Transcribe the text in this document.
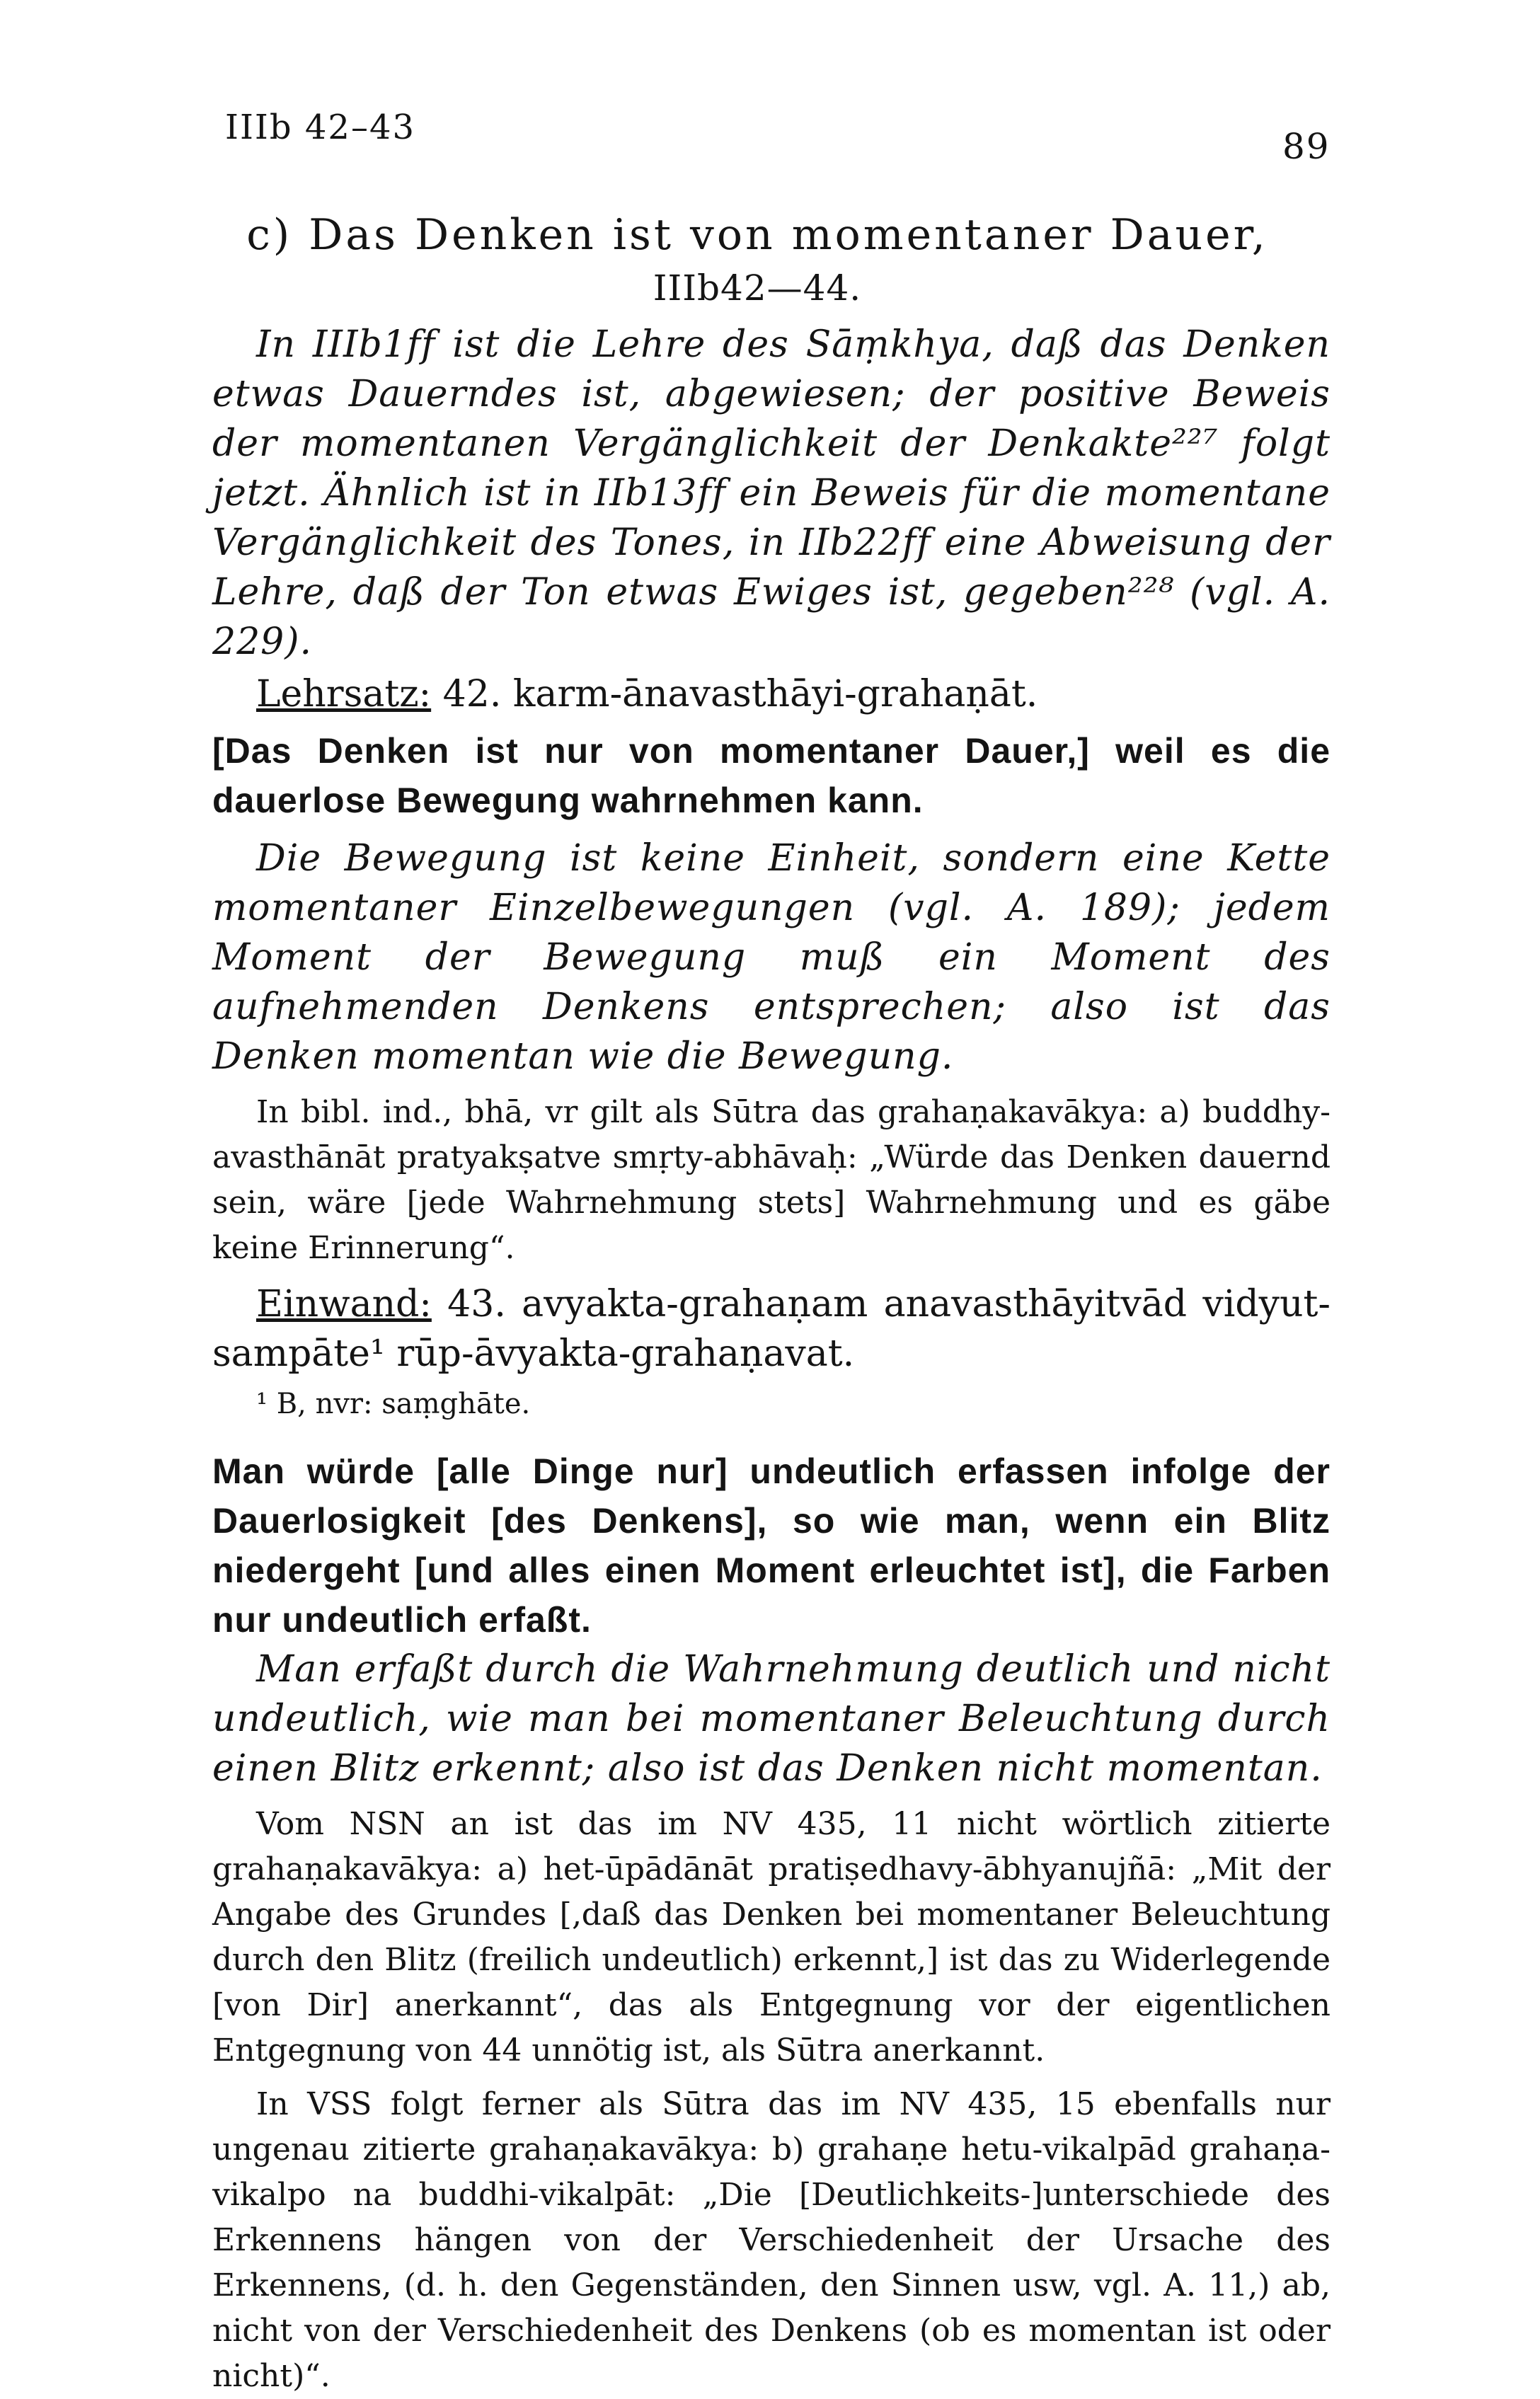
IIIb 42–43	89
c) Das Denken ist von momentaner Dauer,
IIIb42—44.

In IIIb1ff ist die Lehre des Sāṃkhya, daß das Denken etwas Dauerndes ist, abgewiesen; der positive Beweis der momentanen Vergänglichkeit der Denkakte²²⁷ folgt jetzt. Ähnlich ist in IIb13ff ein Beweis für die momentane Vergänglichkeit des Tones, in IIb22ff eine Abweisung der Lehre, daß der Ton etwas Ewiges ist, gegeben²²⁸ (vgl. A. 229).

Lehrsatz: 42. karm-ānavasthāyi-grahaṇāt.

[Das Denken ist nur von momentaner Dauer,] weil es die dauerlose Bewegung wahrnehmen kann.

Die Bewegung ist keine Einheit, sondern eine Kette momentaner Einzelbewegungen (vgl. A. 189); jedem Moment der Bewegung muß ein Moment des aufnehmenden Denkens entsprechen; also ist das Denken momentan wie die Bewegung.

In bibl. ind., bhā, vr gilt als Sūtra das grahaṇakavākya: a) buddhy-avasthānāt pratyakṣatve smṛty-abhāvaḥ: „Würde das Denken dauernd sein, wäre [jede Wahrnehmung stets] Wahrnehmung und es gäbe keine Erinnerung“.

Einwand: 43. avyakta-grahaṇam anavasthāyitvād vidyut-sampāte¹ rūp-āvyakta-grahaṇavat.

¹ B, nvr: saṃghāte.

Man würde [alle Dinge nur] undeutlich erfassen infolge der Dauerlosigkeit [des Denkens], so wie man, wenn ein Blitz niedergeht [und alles einen Moment erleuchtet ist], die Farben nur undeutlich erfaßt.

Man erfaßt durch die Wahrnehmung deutlich und nicht undeutlich, wie man bei momentaner Beleuchtung durch einen Blitz erkennt; also ist das Denken nicht momentan.

Vom NSN an ist das im NV 435, 11 nicht wörtlich zitierte grahaṇakavākya: a) het-ūpādānāt pratiṣedhavy-ābhyanujñā: „Mit der Angabe des Grundes [‚daß das Denken bei momentaner Beleuchtung durch den Blitz (freilich undeutlich) erkennt,] ist das zu Widerlegende [von Dir] anerkannt“, das als Entgegnung vor der eigentlichen Entgegnung von 44 unnötig ist, als Sūtra anerkannt.

In VSS folgt ferner als Sūtra das im NV 435, 15 ebenfalls nur ungenau zitierte grahaṇakavākya: b) grahaṇe hetu-vikalpād grahaṇa-vikalpo na buddhi-vikalpāt: „Die [Deutlichkeits-]unterschiede des Erkennens hängen von der Verschiedenheit der Ursache des Erkennens, (d. h. den Gegenständen, den Sinnen usw, vgl. A. 11,) ab, nicht von der Verschiedenheit des Denkens (ob es momentan ist oder nicht)“.
